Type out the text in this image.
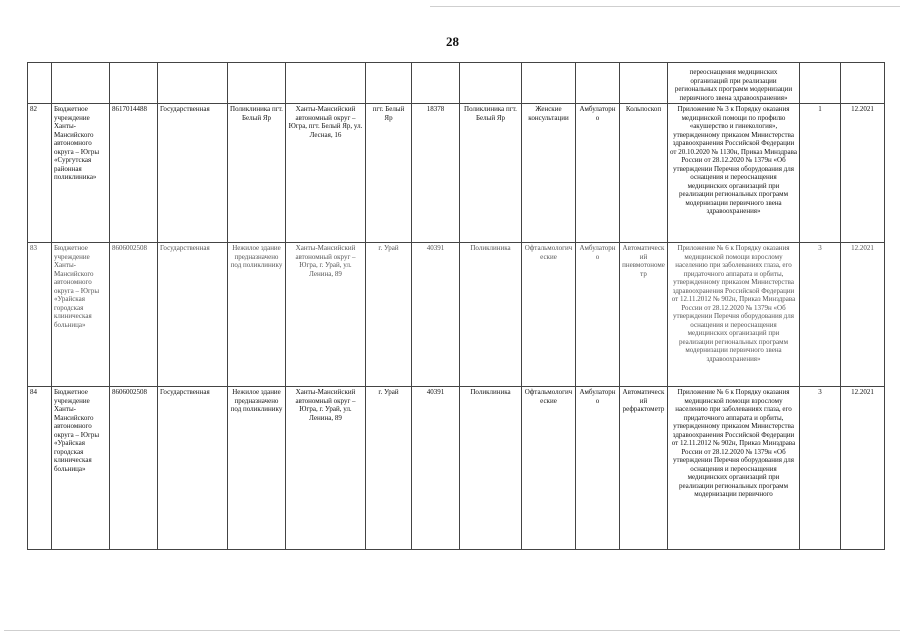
28
												переоснащения медицинских организаций при реализации региональных программ модернизации первичного звена здравоохранения»		
82	Бюджетное учреждение Ханты-Мансийского автономного округа – Югры «Сургутская районная поликлиника»	8617014488	Государственная	Поликлиника пгт. Белый Яр	Ханты-Мансийский автономный округ – Югра, пгт. Белый Яр, ул. Лесная, 16	пгт. Белый Яр	18378	Поликлиника пгт. Белый Яр	Женские консультации	Амбулаторно	Кольпоскоп	Приложение № 3 к Порядку оказания медицинской помощи по профилю «акушерство и гинекология», утвержденному приказом Министерства здравоохранения Российской Федерации от 20.10.2020 № 1130н, Приказ Минздрава России от 28.12.2020 № 1379н «Об утверждении Перечня оборудования для оснащения и переоснащения медицинских организаций при реализации региональных программ модернизации первичного звена здравоохранения»	1	12.2021
83	Бюджетное учреждение Ханты-Мансийского автономного округа – Югры «Урайская городская клиническая больница»	8606002508	Государственная	Нежилое здание предназначено под поликлинику	Ханты-Мансийский автономный округ – Югра, г. Урай, ул. Ленина, 89	г. Урай	40391	Поликлиника	Офтальмологические	Амбулаторно	Автоматический пневмотонометр	Приложение № 6 к Порядку оказания медицинской помощи взрослому населению при заболеваниях глаза, его придаточного аппарата и орбиты, утвержденному приказом Министерства здравоохранения Российской Федерации от 12.11.2012 № 902н, Приказ Минздрава России от 28.12.2020 № 1379н «Об утверждении Перечня оборудования для оснащения и переоснащения медицинских организаций при реализации региональных программ модернизации первичного звена здравоохранения»	3	12.2021
84	Бюджетное учреждение Ханты-Мансийского автономного округа – Югры «Урайская городская клиническая больница»	8606002508	Государственная	Нежилое здание предназначено под поликлинику	Ханты-Мансийский автономный округ – Югра, г. Урай, ул. Ленина, 89	г. Урай	40391	Поликлиника	Офтальмологические	Амбулаторно	Автоматический рефрактометр	Приложение № 6 к Порядку оказания медицинской помощи взрослому населению при заболеваниях глаза, его придаточного аппарата и орбиты, утвержденному приказом Министерства здравоохранения Российской Федерации от 12.11.2012 № 902н, Приказ Минздрава России от 28.12.2020 № 1379н «Об утверждении Перечня оборудования для оснащения и переоснащения медицинских организаций при реализации региональных программ модернизации первичного	3	12.2021
